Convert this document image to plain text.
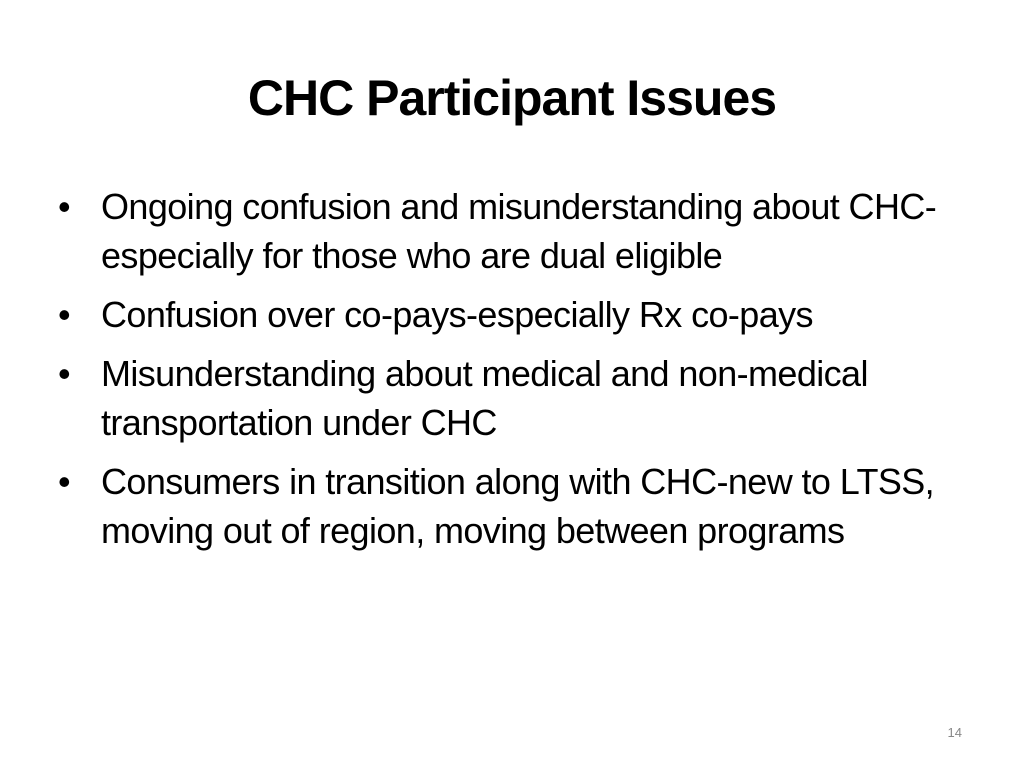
CHC Participant Issues
• Ongoing confusion and misunderstanding about CHC-especially for those who are dual eligible
• Confusion over co-pays-especially Rx co-pays
• Misunderstanding about medical and non-medical transportation under CHC
• Consumers in transition along with CHC-new to LTSS, moving out of region, moving between programs
14
